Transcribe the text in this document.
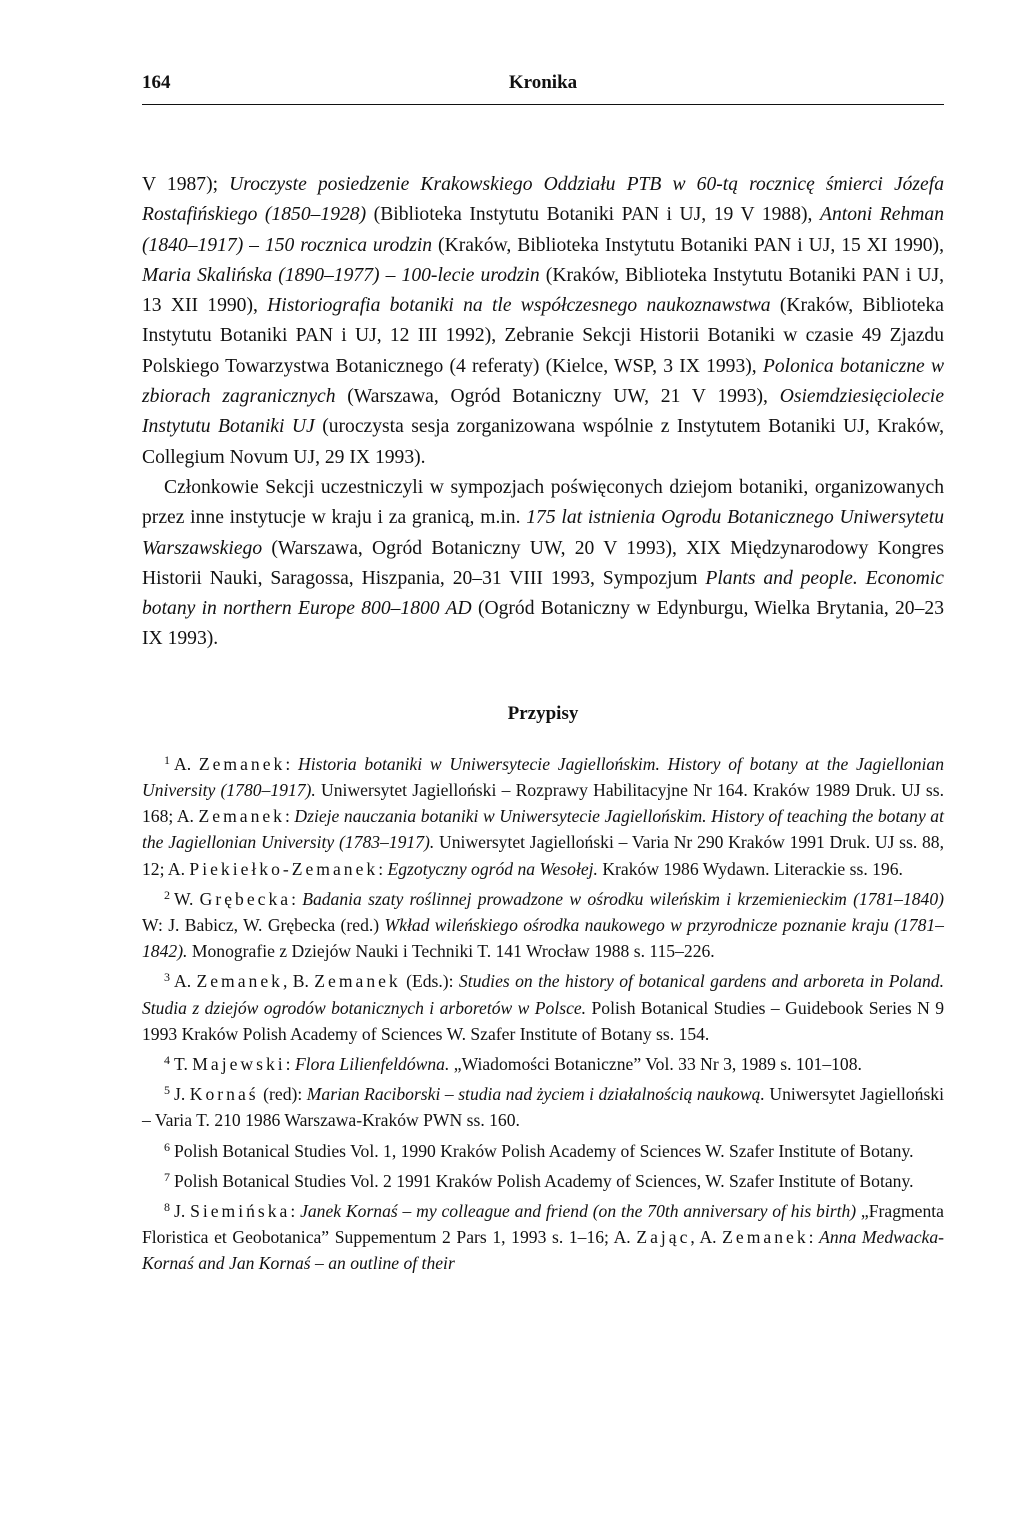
164	Kronika

V 1987); Uroczyste posiedzenie Krakowskiego Oddziału PTB w 60-tą rocznicę śmierci Józefa Rostafińskiego (1850–1928) (Biblioteka Instytutu Botaniki PAN i UJ, 19 V 1988), Antoni Rehman (1840–1917) – 150 rocznica urodzin (Kraków, Biblioteka Instytutu Botaniki PAN i UJ, 15 XI 1990), Maria Skalińska (1890–1977) – 100-lecie urodzin (Kraków, Biblioteka Instytutu Botaniki PAN i UJ, 13 XII 1990), Historiografia botaniki na tle współczesnego naukoznawstwa (Kraków, Biblioteka Instytutu Botaniki PAN i UJ, 12 III 1992), Zebranie Sekcji Historii Botaniki w czasie 49 Zjazdu Polskiego Towarzystwa Botanicznego (4 referaty) (Kielce, WSP, 3 IX 1993), Polonica botaniczne w zbiorach zagranicznych (Warszawa, Ogród Botaniczny UW, 21 V 1993), Osiemdziesięciolecie Instytutu Botaniki UJ (uroczysta sesja zorganizowana wspólnie z Instytutem Botaniki UJ, Kraków, Collegium Novum UJ, 29 IX 1993).

Członkowie Sekcji uczestniczyli w sympozjach poświęconych dziejom botaniki, organizowanych przez inne instytucje w kraju i za granicą, m.in. 175 lat istnienia Ogrodu Botanicznego Uniwersytetu Warszawskiego (Warszawa, Ogród Botaniczny UW, 20 V 1993), XIX Międzynarodowy Kongres Historii Nauki, Saragossa, Hiszpania, 20–31 VIII 1993, Sympozjum Plants and people. Economic botany in northern Europe 800–1800 AD (Ogród Botaniczny w Edynburgu, Wielka Brytania, 20–23 IX 1993).

Przypisy

$^1$ A. Zemanek: Historia botaniki w Uniwersytecie Jagiellońskim. History of botany at the Jagiellonian University (1780–1917). Uniwersytet Jagielloński – Rozprawy Habilitacyjne Nr 164. Kraków 1989 Druk. UJ ss. 168; A. Zemanek: Dzieje nauczania botaniki w Uniwersytecie Jagiellońskim. History of teaching the botany at the Jagiellonian University (1783–1917). Uniwersytet Jagielloński – Varia Nr 290 Kraków 1991 Druk. UJ ss. 88, 12; A. Piekiełko-Zemanek: Egzotyczny ogród na Wesołej. Kraków 1986 Wydawn. Literackie ss. 196.

$^2$ W. Grębecka: Badania szaty roślinnej prowadzone w ośrodku wileńskim i krzemienieckim (1781–1840) W: J. Babicz, W. Grębecka (red.) Wkład wileńskiego ośrodka naukowego w przyrodnicze poznanie kraju (1781–1842). Monografie z Dziejów Nauki i Techniki T. 141 Wrocław 1988 s. 115–226.

$^3$ A. Zemanek, B. Zemanek (Eds.): Studies on the history of botanical gardens and arboreta in Poland. Studia z dziejów ogrodów botanicznych i arboretów w Polsce. Polish Botanical Studies – Guidebook Series N 9 1993 Kraków Polish Academy of Sciences W. Szafer Institute of Botany ss. 154.

$^4$ T. Majewski: Flora Lilienfeldówna. „Wiadomości Botaniczne” Vol. 33 Nr 3, 1989 s. 101–108.

$^5$ J. Kornaś (red): Marian Raciborski – studia nad życiem i działalnością naukową. Uniwersytet Jagielloński – Varia T. 210 1986 Warszawa-Kraków PWN ss. 160.

$^6$ Polish Botanical Studies Vol. 1, 1990 Kraków Polish Academy of Sciences W. Szafer Institute of Botany.

$^7$ Polish Botanical Studies Vol. 2 1991 Kraków Polish Academy of Sciences, W. Szafer Institute of Botany.

$^8$ J. Siemińska: Janek Kornaś – my colleague and friend (on the 70th anniversary of his birth) „Fragmenta Floristica et Geobotanica” Suppementum 2 Pars 1, 1993 s. 1–16; A. Zając, A. Zemanek: Anna Medwacka-Kornaś and Jan Kornaś – an outline of their
